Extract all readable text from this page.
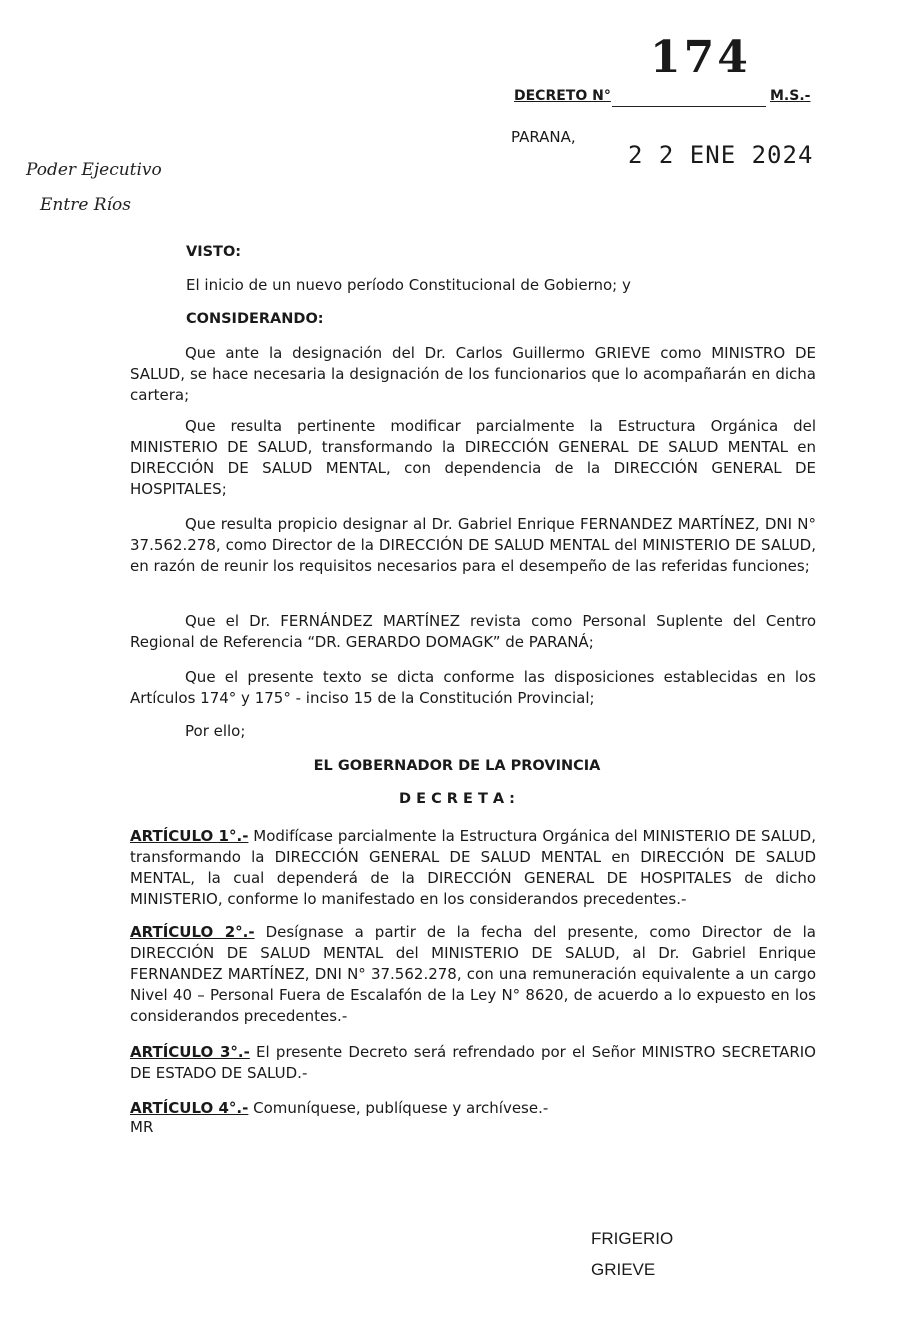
DECRETO N°
174
M.S.-
PARANA,
2 2 ENE 2024
Poder Ejecutivo
Entre Ríos
VISTO:
El inicio de un nuevo período Constitucional de Gobierno; y
CONSIDERANDO:
Que ante la designación del Dr. Carlos Guillermo GRIEVE como MINISTRO DE SALUD, se hace necesaria la designación de los funcionarios que lo acompañarán en dicha cartera;
Que resulta pertinente modificar parcialmente la Estructura Orgánica del MINISTERIO DE SALUD, transformando la DIRECCIÓN GENERAL DE SALUD MENTAL en DIRECCIÓN DE SALUD MENTAL, con dependencia de la DIRECCIÓN GENERAL DE HOSPITALES;
Que resulta propicio designar al Dr. Gabriel Enrique FERNANDEZ MARTÍNEZ, DNI N° 37.562.278, como Director de la DIRECCIÓN DE SALUD MENTAL del MINISTERIO DE SALUD, en razón de reunir los requisitos necesarios para el desempeño de las referidas funciones;
Que el Dr. FERNÁNDEZ MARTÍNEZ revista como Personal Suplente del Centro Regional de Referencia “DR. GERARDO DOMAGK” de PARANÁ;
Que el presente texto se dicta conforme las disposiciones establecidas en los Artículos 174° y 175° - inciso 15 de la Constitución Provincial;
Por ello;
EL GOBERNADOR DE LA PROVINCIA
D E C R E T A :
ARTÍCULO 1°.- Modifícase parcialmente la Estructura Orgánica del MINISTERIO DE SALUD, transformando la DIRECCIÓN GENERAL DE SALUD MENTAL en DIRECCIÓN DE SALUD MENTAL, la cual dependerá de la DIRECCIÓN GENERAL DE HOSPITALES de dicho MINISTERIO, conforme lo manifestado en los considerandos precedentes.-
ARTÍCULO 2°.- Desígnase a partir de la fecha del presente, como Director de la DIRECCIÓN DE SALUD MENTAL del MINISTERIO DE SALUD, al Dr. Gabriel Enrique FERNANDEZ MARTÍNEZ, DNI N° 37.562.278, con una remuneración equivalente a un cargo Nivel 40 – Personal Fuera de Escalafón de la Ley N° 8620, de acuerdo a lo expuesto en los considerandos precedentes.-
ARTÍCULO 3°.- El presente Decreto será refrendado por el Señor MINISTRO SECRETARIO DE ESTADO DE SALUD.-
ARTÍCULO 4°.- Comuníquese, publíquese y archívese.-
MR
FRIGERIO
GRIEVE
